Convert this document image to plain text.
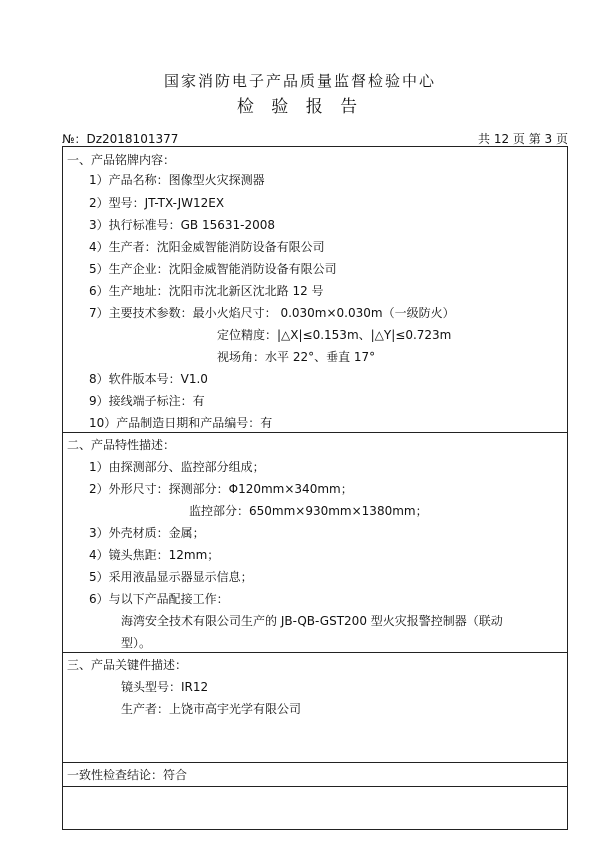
国家消防电子产品质量监督检验中心
检 验 报 告
№：Dz2018101377	共 12 页 第 3 页
一、产品铭牌内容：
1）产品名称：图像型火灾探测器
2）型号：JT-TX-JW12EX
3）执行标准号：GB 15631-2008
4）生产者：沈阳金威智能消防设备有限公司
5）生产企业：沈阳金威智能消防设备有限公司
6）生产地址：沈阳市沈北新区沈北路 12 号
7）主要技术参数：最小火焰尺寸： 0.030m×0.030m（一级防火）
定位精度：|△X|≤0.153m、|△Y|≤0.723m
视场角：水平 22°、垂直 17°
8）软件版本号：V1.0
9）接线端子标注：有
10）产品制造日期和产品编号：有
二、产品特性描述：
1）由探测部分、监控部分组成；
2）外形尺寸：探测部分：Φ120mm×340mm；
监控部分：650mm×930mm×1380mm；
3）外壳材质：金属；
4）镜头焦距：12mm；
5）采用液晶显示器显示信息；
6）与以下产品配接工作：
海湾安全技术有限公司生产的 JB-QB-GST200 型火灾报警控制器（联动
型）。
三、产品关键件描述：
镜头型号：IR12
生产者：上饶市高宇光学有限公司
一致性检查结论：符合
